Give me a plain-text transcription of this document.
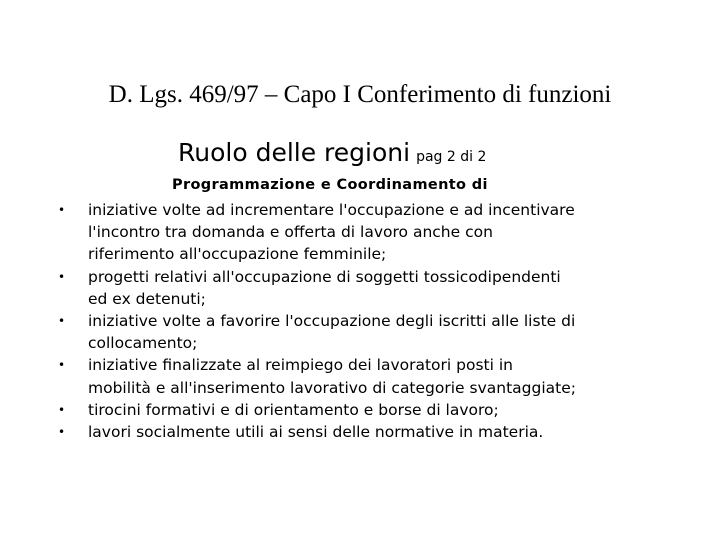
D. Lgs. 469/97 – Capo I Conferimento di funzioni
Ruolo delle regioni pag 2 di 2
Programmazione e Coordinamento di
• iniziative volte ad incrementare l'occupazione e ad incentivare
l'incontro tra domanda e offerta di lavoro anche con
riferimento all'occupazione femminile;
• progetti relativi all'occupazione di soggetti tossicodipendenti
ed ex detenuti;
• iniziative volte a favorire l'occupazione degli iscritti alle liste di
collocamento;
• iniziative finalizzate al reimpiego dei lavoratori posti in
mobilità e all'inserimento lavorativo di categorie svantaggiate;
• tirocini formativi e di orientamento e borse di lavoro;
• lavori socialmente utili ai sensi delle normative in materia.
